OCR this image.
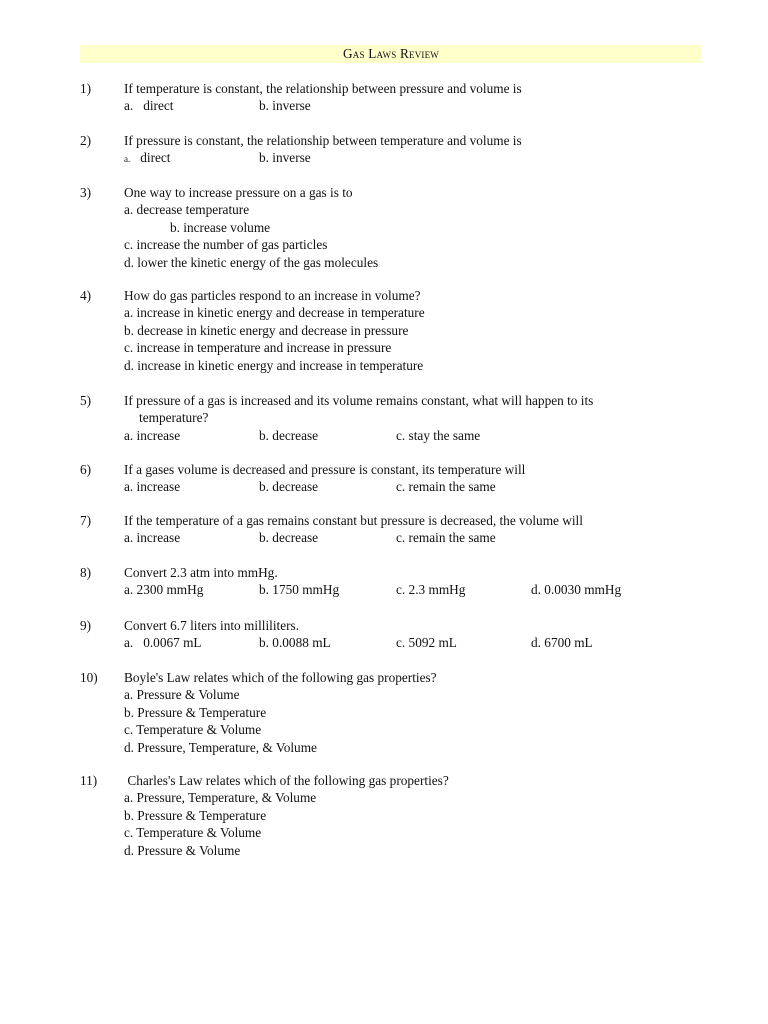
Gas Laws Review
1) If temperature is constant, the relationship between pressure and volume is
a.   direct	b. inverse
2) If pressure is constant, the relationship between temperature and volume is
a. direct	b. inverse
3) One way to increase pressure on a gas is to
a. decrease temperature
b. increase volume
c. increase the number of gas particles
d. lower the kinetic energy of the gas molecules
4) How do gas particles respond to an increase in volume?
a. increase in kinetic energy and decrease in temperature
b. decrease in kinetic energy and decrease in pressure
c. increase in temperature and increase in pressure
d. increase in kinetic energy and increase in temperature
5) If pressure of a gas is increased and its volume remains constant, what will happen to its
temperature?
a. increase	b. decrease	c. stay the same
6) If a gases volume is decreased and pressure is constant, its temperature will
a. increase	b. decrease	c. remain the same
7) If the temperature of a gas remains constant but pressure is decreased, the volume will
a. increase	b. decrease	c. remain the same
8) Convert 2.3 atm into mmHg.
a. 2300 mmHg	b. 1750 mmHg	c. 2.3 mmHg	d. 0.0030 mmHg
9) Convert 6.7 liters into milliliters.
a.   0.0067 mL	b. 0.0088 mL	c. 5092 mL	d. 6700 mL
10) Boyle's Law relates which of the following gas properties?
a. Pressure & Volume
b. Pressure & Temperature
c. Temperature & Volume
d. Pressure, Temperature, & Volume
11) Charles's Law relates which of the following gas properties?
a. Pressure, Temperature, & Volume
b. Pressure & Temperature
c. Temperature & Volume
d. Pressure & Volume
